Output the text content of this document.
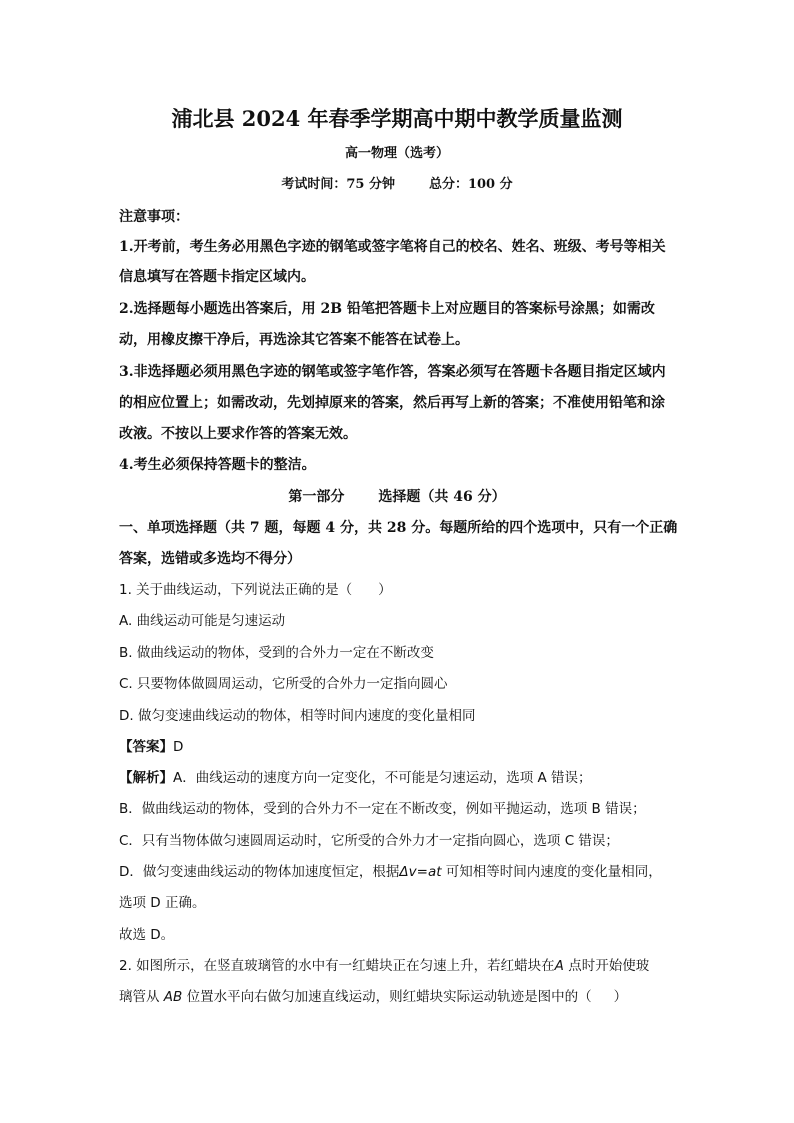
浦北县 2024 年春季学期高中期中教学质量监测
高一物理（选考）
考试时间：75 分钟	总分：100 分
注意事项：
1.开考前，考生务必用黑色字迹的钢笔或签字笔将自己的校名、姓名、班级、考号等相关
信息填写在答题卡指定区域内。
2.选择题每小题选出答案后，用 2B 铅笔把答题卡上对应题目的答案标号涂黑；如需改
动，用橡皮擦干净后，再选涂其它答案不能答在试卷上。
3.非选择题必须用黑色字迹的钢笔或签字笔作答，答案必须写在答题卡各题目指定区域内
的相应位置上；如需改动，先划掉原来的答案，然后再写上新的答案；不准使用铅笔和涂
改液。不按以上要求作答的答案无效。
4.考生必须保持答题卡的整洁。
第一部分 选择题（共 46 分）
一、单项选择题（共 7 题，每题 4 分，共 28 分。每题所给的四个选项中，只有一个正确
答案，选错或多选均不得分）
1. 关于曲线运动，下列说法正确的是（ ）
A. 曲线运动可能是匀速运动
B. 做曲线运动的物体，受到的合外力一定在不断改变
C. 只要物体做圆周运动，它所受的合外力一定指向圆心
D. 做匀变速曲线运动的物体，相等时间内速度的变化量相同
【答案】D
【解析】A．曲线运动的速度方向一定变化，不可能是匀速运动，选项 A 错误；
B．做曲线运动的物体，受到的合外力不一定在不断改变，例如平抛运动，选项 B 错误；
C．只有当物体做匀速圆周运动时，它所受的合外力才一定指向圆心，选项 C 错误；
D．做匀变速曲线运动的物体加速度恒定，根据Δv=at 可知相等时间内速度的变化量相同，
选项 D 正确。
故选 D。
2. 如图所示，在竖直玻璃管的水中有一红蜡块正在匀速上升，若红蜡块在A 点时开始使玻
璃管从 AB 位置水平向右做匀加速直线运动，则红蜡块实际运动轨迹是图中的（ ）
